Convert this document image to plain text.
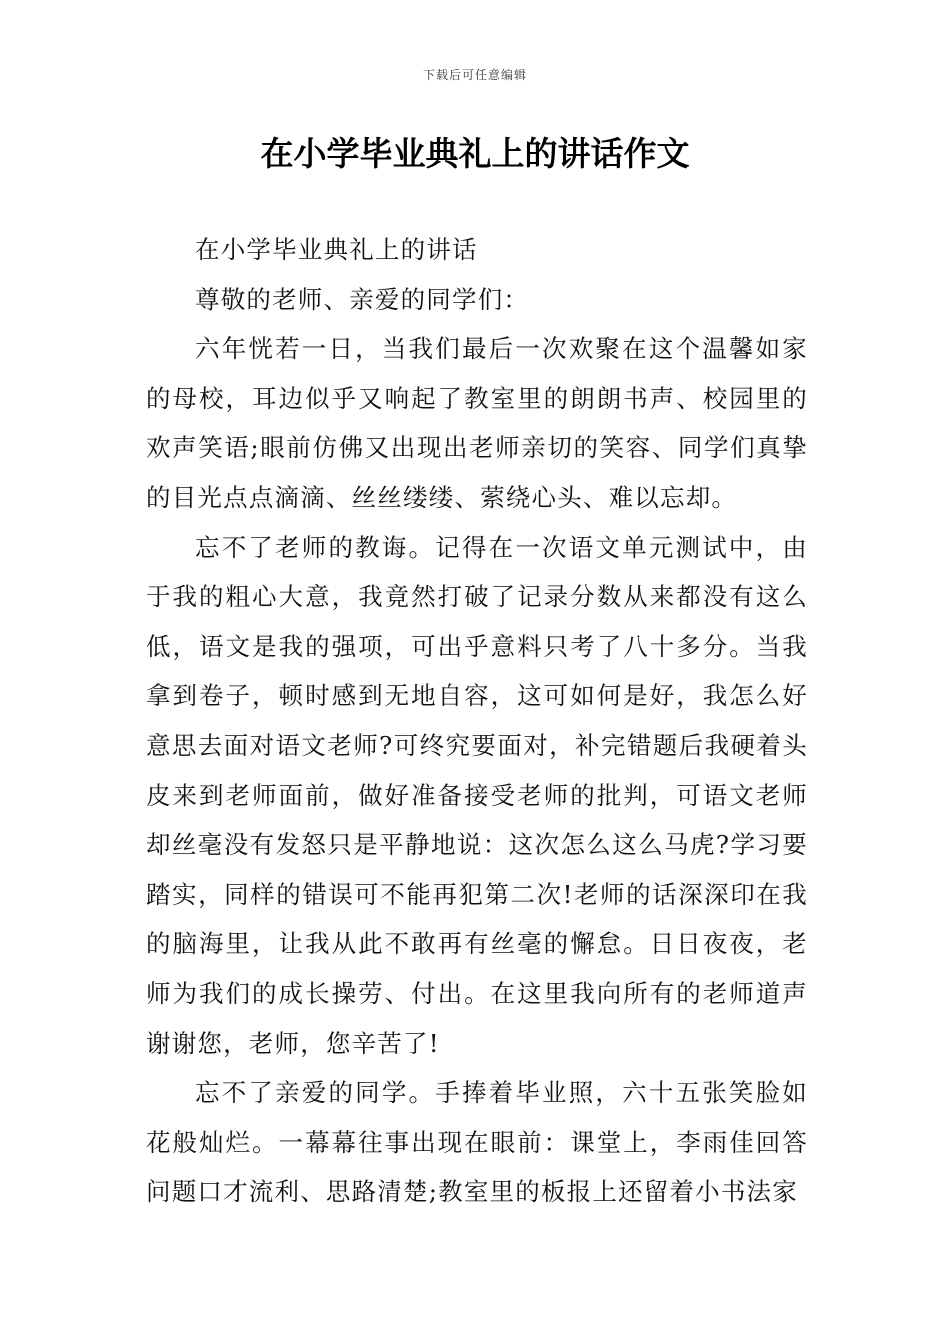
下载后可任意编辑
在小学毕业典礼上的讲话作文

在小学毕业典礼上的讲话

尊敬的老师、亲爱的同学们：

六年恍若一日，当我们最后一次欢聚在这个温馨如家的母校，耳边似乎又响起了教室里的朗朗书声、校园里的欢声笑语;眼前仿佛又出现出老师亲切的笑容、同学们真挚的目光点点滴滴、丝丝缕缕、萦绕心头、难以忘却。

忘不了老师的教诲。记得在一次语文单元测试中，由于我的粗心大意，我竟然打破了记录分数从来都没有这么低，语文是我的强项，可出乎意料只考了八十多分。当我拿到卷子，顿时感到无地自容，这可如何是好，我怎么好意思去面对语文老师?可终究要面对，补完错题后我硬着头皮来到老师面前，做好准备接受老师的批判，可语文老师却丝毫没有发怒只是平静地说：这次怎么这么马虎?学习要踏实，同样的错误可不能再犯第二次!老师的话深深印在我的脑海里，让我从此不敢再有丝毫的懈怠。日日夜夜，老师为我们的成长操劳、付出。在这里我向所有的老师道声谢谢您，老师，您辛苦了!

忘不了亲爱的同学。手捧着毕业照，六十五张笑脸如花般灿烂。一幕幕往事出现在眼前：课堂上，李雨佳回答问题口才流利、思路清楚;教室里的板报上还留着小书法家
